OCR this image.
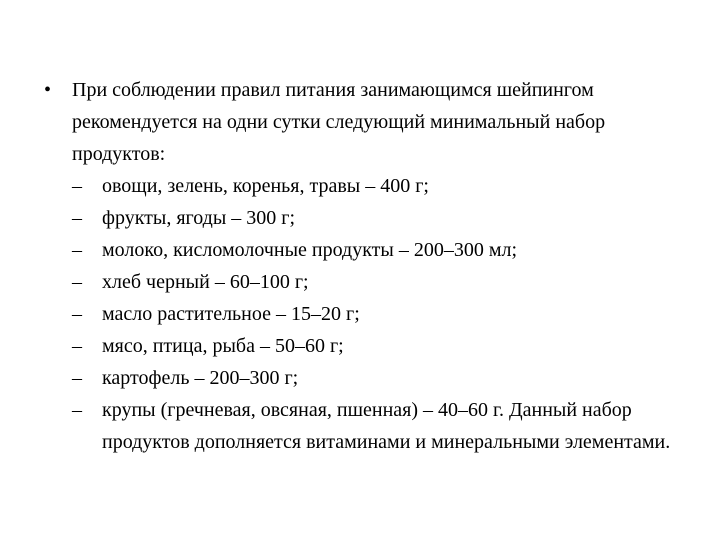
•	При соблюдении правил питания занимающимся шейпингом рекомендуется на одни сутки следующий минимальный набор продуктов:
– овощи, зелень, коренья, травы – 400 г;
– фрукты, ягоды – 300 г;
– молоко, кисломолочные продукты – 200–300 мл;
– хлеб черный – 60–100 г;
– масло растительное – 15–20 г;
– мясо, птица, рыба – 50–60 г;
– картофель – 200–300 г;
– крупы (гречневая, овсяная, пшенная) – 40–60 г. Данный набор продуктов дополняется витаминами и минеральными элементами.
